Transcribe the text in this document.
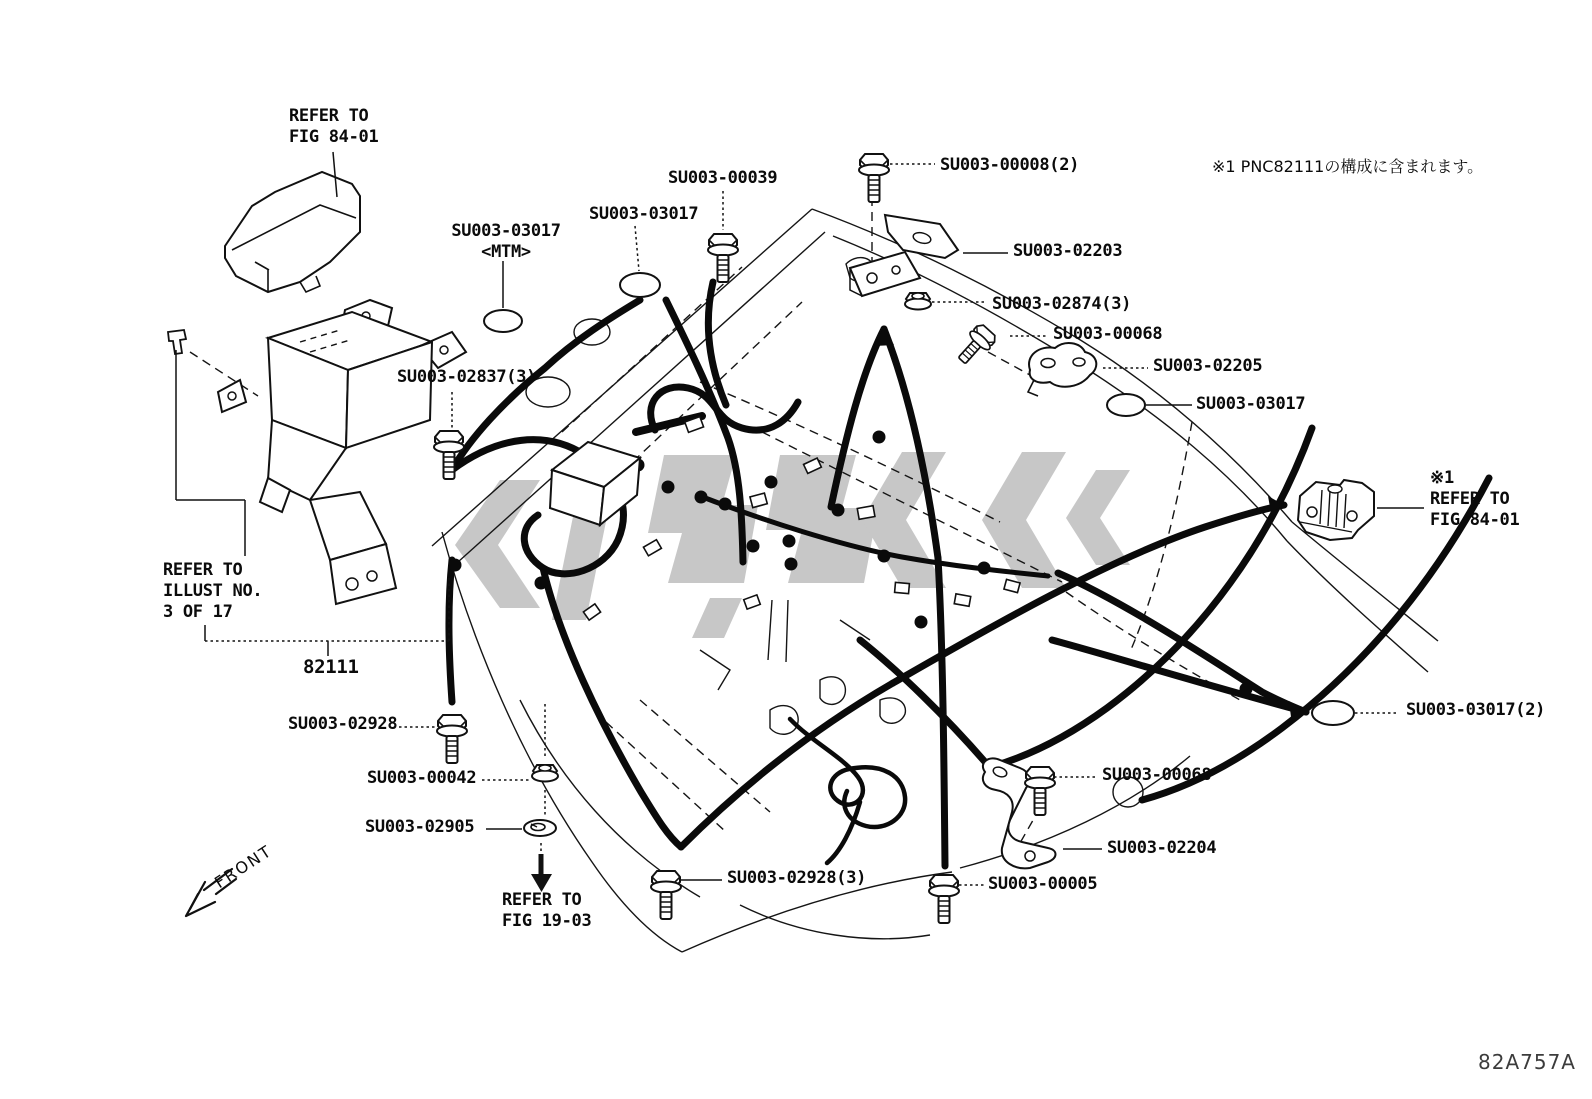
REFER TO
FIG 84-01
SU003-00039
SU003-03017
SU003-03017
<MTM>
SU003-00008(2)
SU003-02203
SU003-02874(3)
SU003-00068
SU003-02205
SU003-03017
※1
REFER TO
FIG 84-01
SU003-02837(3)
REFER TO
ILLUST NO.
3 OF 17
82111
SU003-02928
SU003-00042
SU003-02905
REFER TO
FIG 19-03
SU003-02928(3)	SU003-00005
SU003-00068
SU003-02204
SU003-03017(2)
※1 PNC82111の構成に含まれます。
FRONT
82A757A
